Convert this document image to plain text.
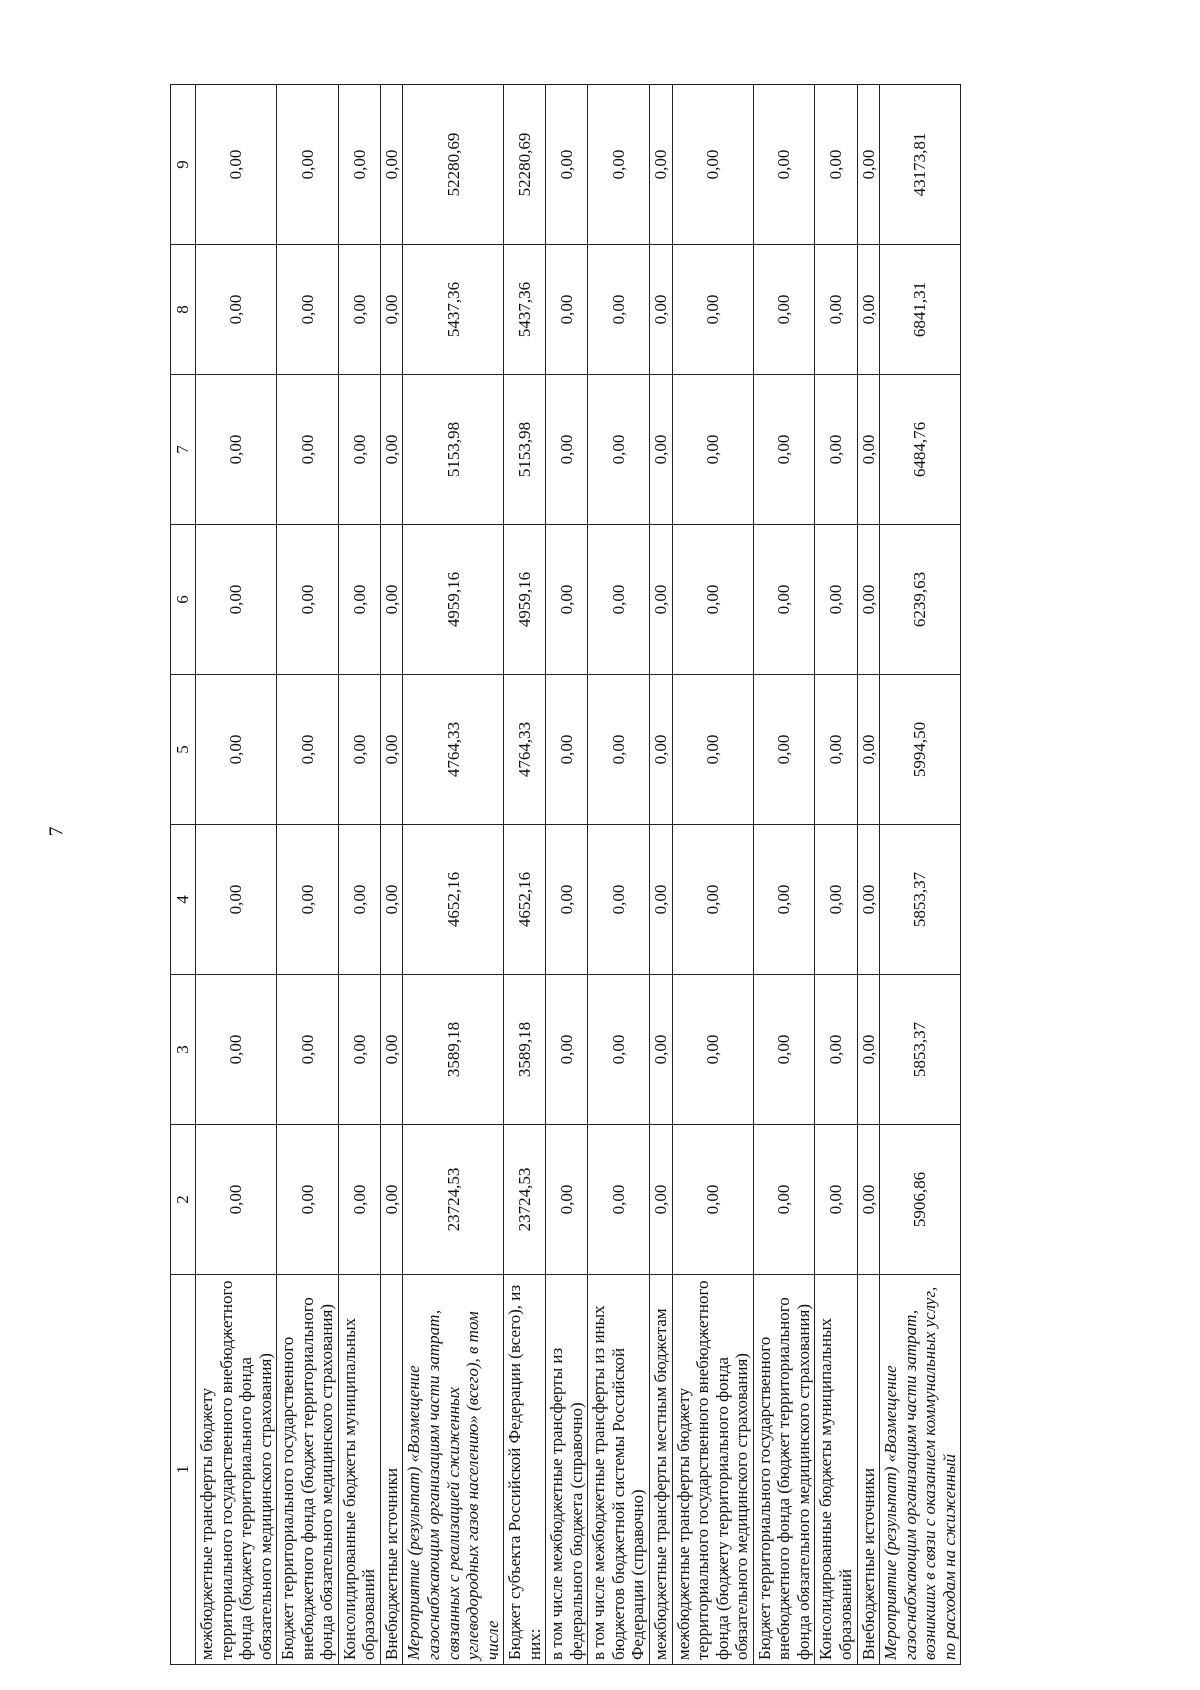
7
1	2	3	4	5	6	7	8	9
межбюджетные трансферты бюджету территориального государственного внебюджетного фонда (бюджету территориального фонда обязательного медицинского страхования)	0,00	0,00	0,00	0,00	0,00	0,00	0,00	0,00
Бюджет территориального государственного внебюджетного фонда (бюджет территориального фонда обязательного медицинского страхования)	0,00	0,00	0,00	0,00	0,00	0,00	0,00	0,00
Консолидированные бюджеты муниципальных образований	0,00	0,00	0,00	0,00	0,00	0,00	0,00	0,00
Внебюджетные источники	0,00	0,00	0,00	0,00	0,00	0,00	0,00	0,00
Мероприятие (результат) «Возмещение газоснабжающим организациям части затрат, связанных с реализацией сжиженных углеводородных газов населению» (всего), в том числе	23724,53	3589,18	4652,16	4764,33	4959,16	5153,98	5437,36	52280,69
Бюджет субъекта Российской Федерации (всего), из них:	23724,53	3589,18	4652,16	4764,33	4959,16	5153,98	5437,36	52280,69
в том числе межбюджетные трансферты из федерального бюджета (справочно)	0,00	0,00	0,00	0,00	0,00	0,00	0,00	0,00
в том числе межбюджетные трансферты из иных бюджетов бюджетной системы Российской Федерации (справочно)	0,00	0,00	0,00	0,00	0,00	0,00	0,00	0,00
межбюджетные трансферты местным бюджетам	0,00	0,00	0,00	0,00	0,00	0,00	0,00	0,00
межбюджетные трансферты бюджету территориального государственного внебюджетного фонда (бюджету территориального фонда обязательного медицинского страхования)	0,00	0,00	0,00	0,00	0,00	0,00	0,00	0,00
Бюджет территориального государственного внебюджетного фонда (бюджет территориального фонда обязательного медицинского страхования)	0,00	0,00	0,00	0,00	0,00	0,00	0,00	0,00
Консолидированные бюджеты муниципальных образований	0,00	0,00	0,00	0,00	0,00	0,00	0,00	0,00
Внебюджетные источники	0,00	0,00	0,00	0,00	0,00	0,00	0,00	0,00
Мероприятие (результат) «Возмещение газоснабжающим организациям части затрат, возникших в связи с оказанием коммунальных услуг, по расходам на сжиженный	5906,86	5853,37	5853,37	5994,50	6239,63	6484,76	6841,31	43173,81
